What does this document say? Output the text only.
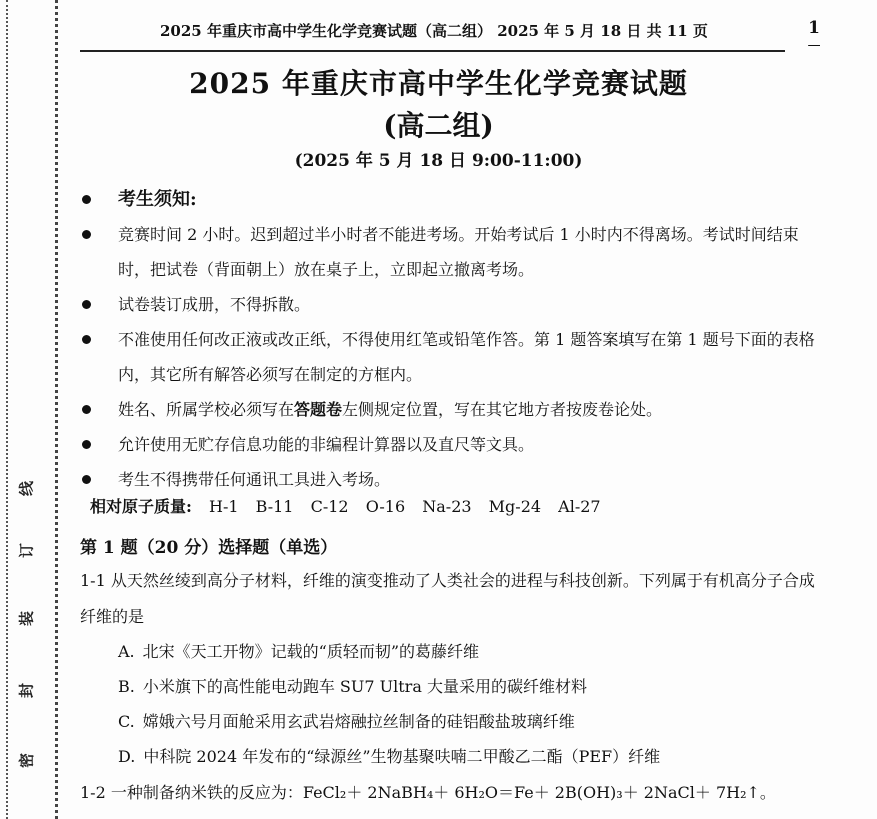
线
订
装
封
密
2025 年重庆市高中学生化学竞赛试题（高二组） 2025 年 5 月 18 日 共 11 页	1
2025 年重庆市高中学生化学竞赛试题
(高二组)
(2025 年 5 月 18 日 9:00-11:00)
考生须知:
竞赛时间 2 小时。迟到超过半小时者不能进考场。开始考试后 1 小时内不得离场。考试时间结束时，把试卷（背面朝上）放在桌子上，立即起立撤离考场。
试卷装订成册，不得拆散。
不准使用任何改正液或改正纸，不得使用红笔或铅笔作答。第 1 题答案填写在第 1 题号下面的表格内，其它所有解答必须写在制定的方框内。
姓名、所属学校必须写在答题卷左侧规定位置，写在其它地方者按废卷论处。
允许使用无贮存信息功能的非编程计算器以及直尺等文具。
考生不得携带任何通讯工具进入考场。
相对原子质量: H-1 B-11 C-12 O-16 Na-23 Mg-24 Al-27
第 1 题（20 分）选择题（单选）
1-1 从天然丝绫到高分子材料，纤维的演变推动了人类社会的进程与科技创新。下列属于有机高分子合成纤维的是
A. 北宋《天工开物》记载的“质轻而韧”的葛藤纤维
B. 小米旗下的高性能电动跑车 SU7 Ultra 大量采用的碳纤维材料
C. 嫦娥六号月面舱采用玄武岩熔融拉丝制备的硅铝酸盐玻璃纤维
D. 中科院 2024 年发布的“绿源丝”生物基聚呋喃二甲酸乙二酯（PEF）纤维
1-2 一种制备纳米铁的反应为：FeCl₂＋ 2NaBH₄＋ 6H₂O＝Fe＋ 2B(OH)₃＋ 2NaCl＋ 7H₂↑。
